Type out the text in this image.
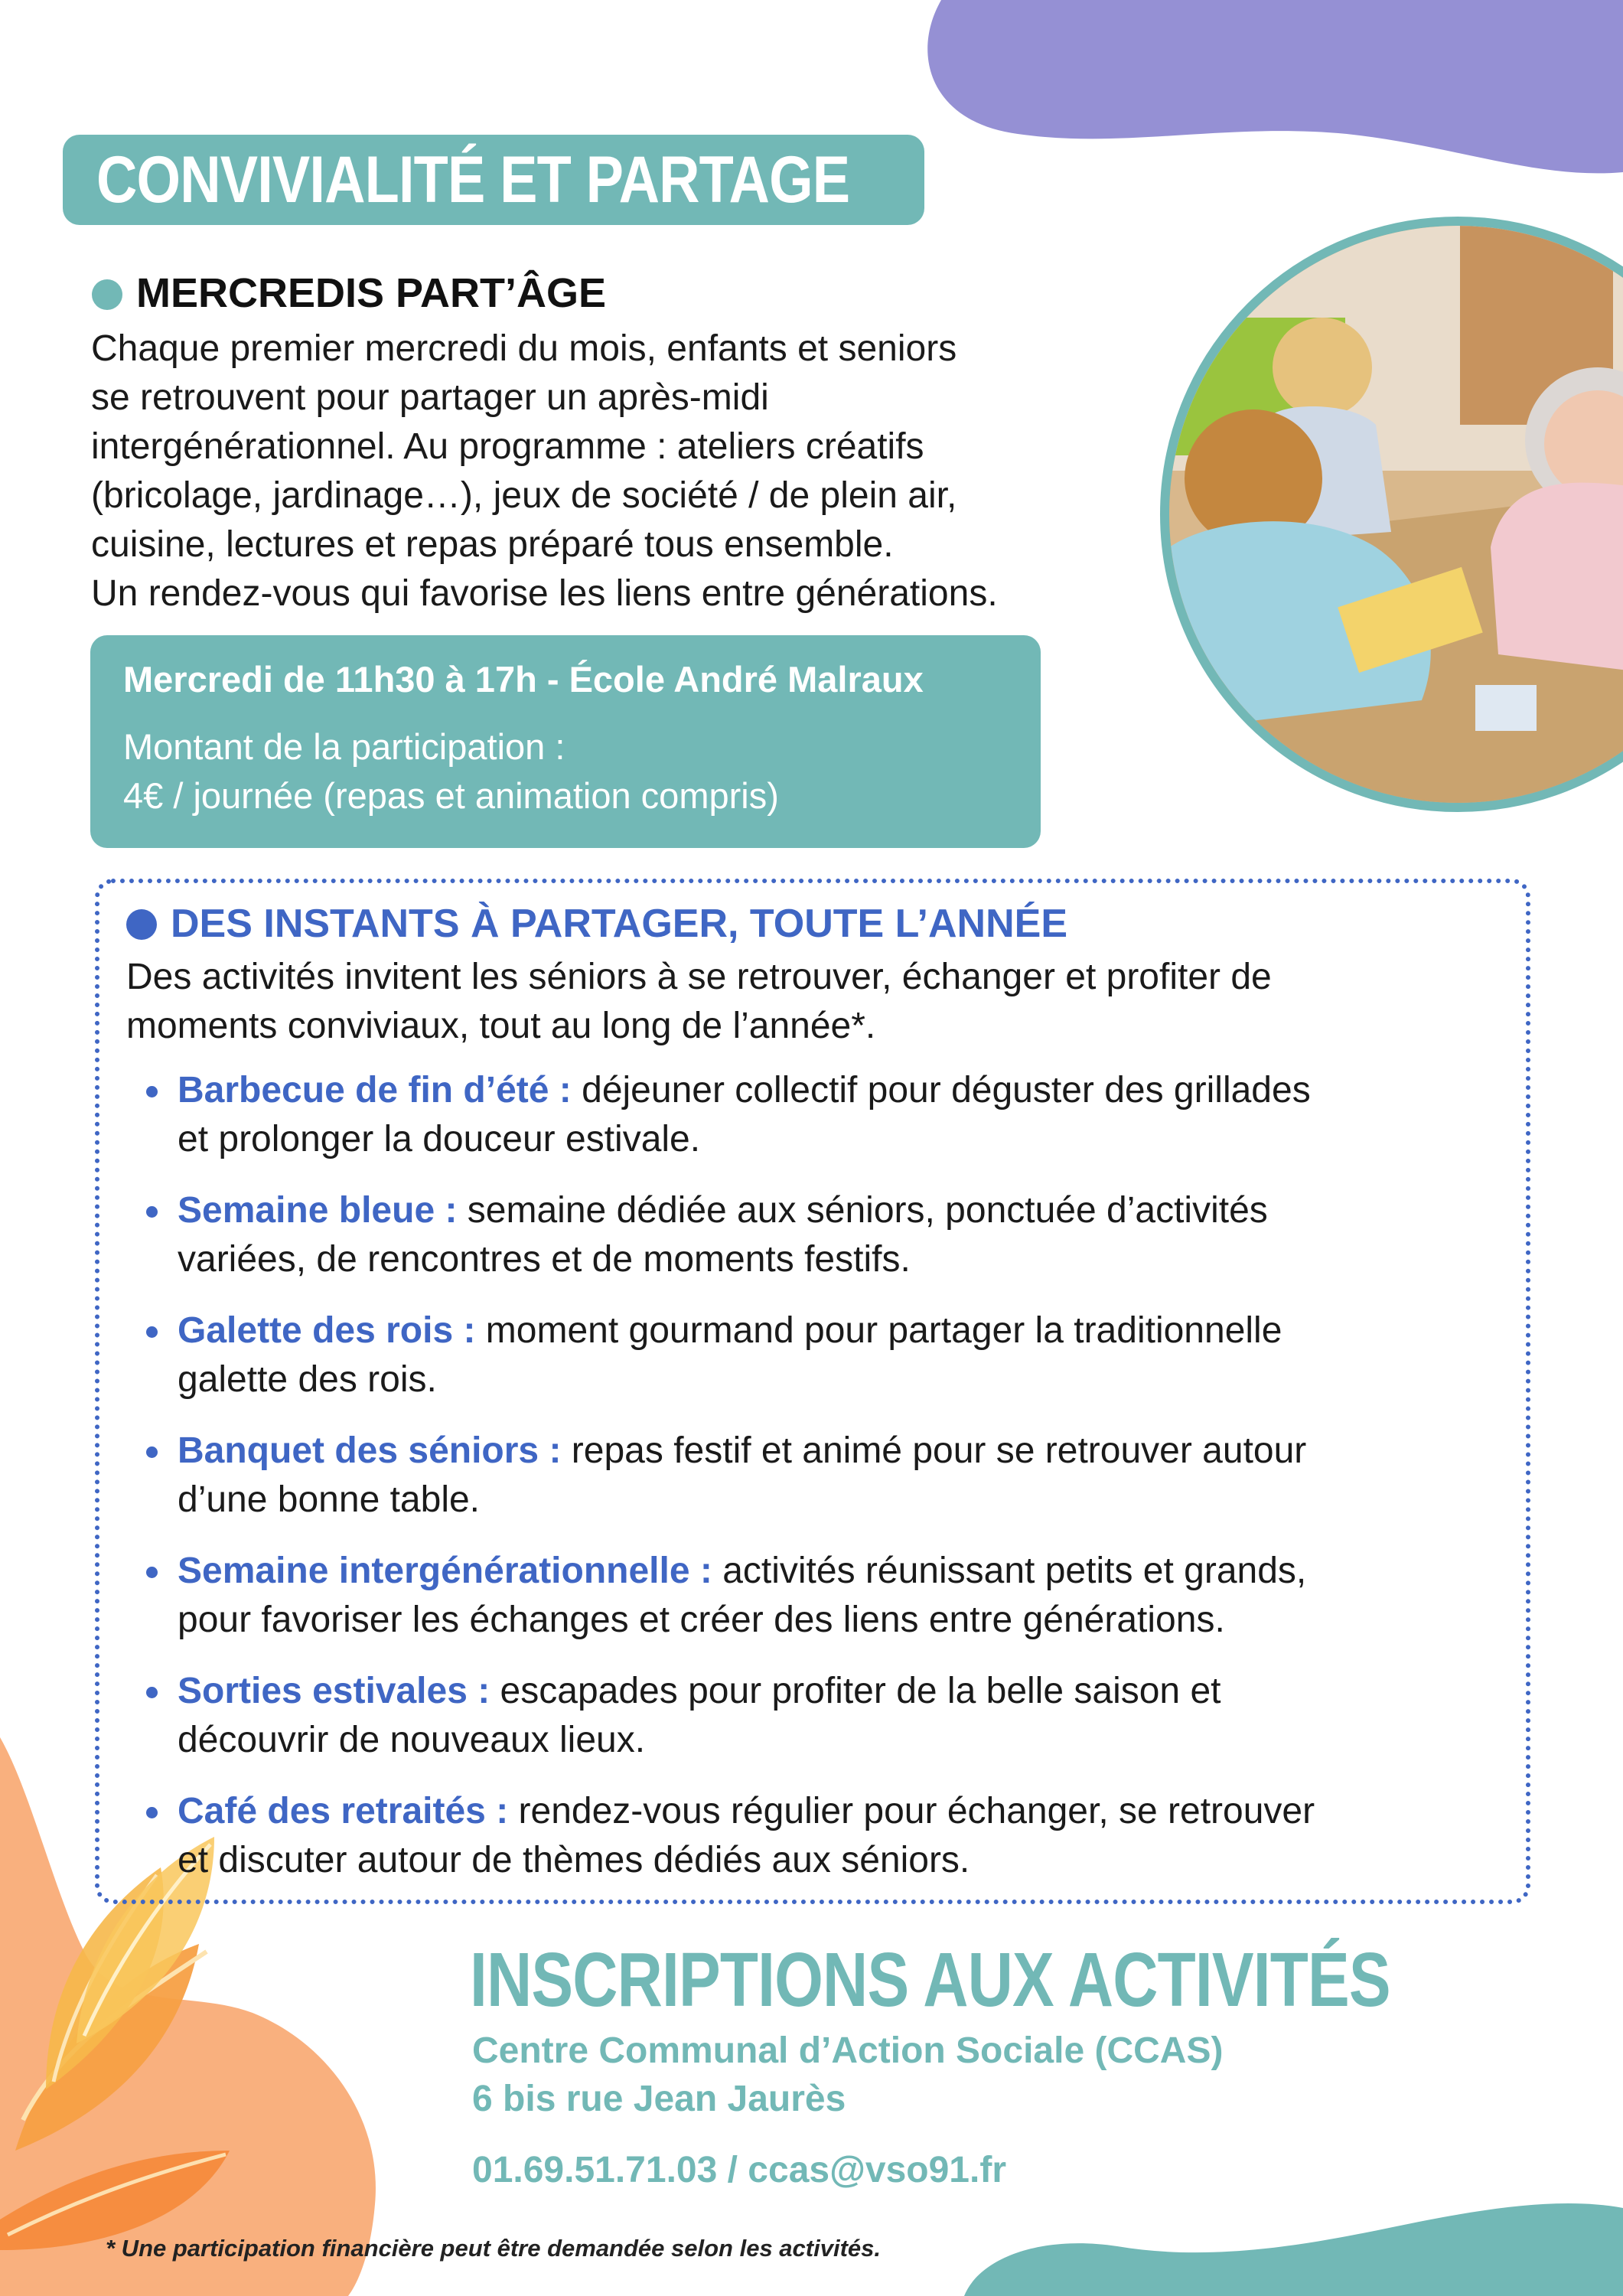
CONVIVIALITÉ ET PARTAGE
MERCREDIS PART’ÂGE
Chaque premier mercredi du mois, enfants et seniors
se retrouvent pour partager un après-midi
intergénérationnel. Au programme : ateliers créatifs
(bricolage, jardinage…), jeux de société / de plein air,
cuisine, lectures et repas préparé tous ensemble.
Un rendez-vous qui favorise les liens entre générations.
Mercredi de 11h30 à 17h - École André Malraux
Montant de la participation :
4€ / journée (repas et animation compris)
DES INSTANTS À PARTAGER, TOUTE L’ANNÉE
Des activités invitent les séniors à se retrouver, échanger et profiter de
moments conviviaux, tout au long de l’année*.
Barbecue de fin d’été : déjeuner collectif pour déguster des grillades
et prolonger la douceur estivale.
Semaine bleue : semaine dédiée aux séniors, ponctuée d’activités
variées, de rencontres et de moments festifs.
Galette des rois : moment gourmand pour partager la traditionnelle
galette des rois.
Banquet des séniors : repas festif et animé pour se retrouver autour
d’une bonne table.
Semaine intergénérationnelle : activités réunissant petits et grands,
pour favoriser les échanges et créer des liens entre générations.
Sorties estivales : escapades pour profiter de la belle saison et
découvrir de nouveaux lieux.
Café des retraités : rendez-vous régulier pour échanger, se retrouver
et discuter autour de thèmes dédiés aux séniors.
INSCRIPTIONS AUX ACTIVITÉS
Centre Communal d’Action Sociale (CCAS)
6 bis rue Jean Jaurès
01.69.51.71.03 / ccas@vso91.fr
* Une participation financière peut être demandée selon les activités.
